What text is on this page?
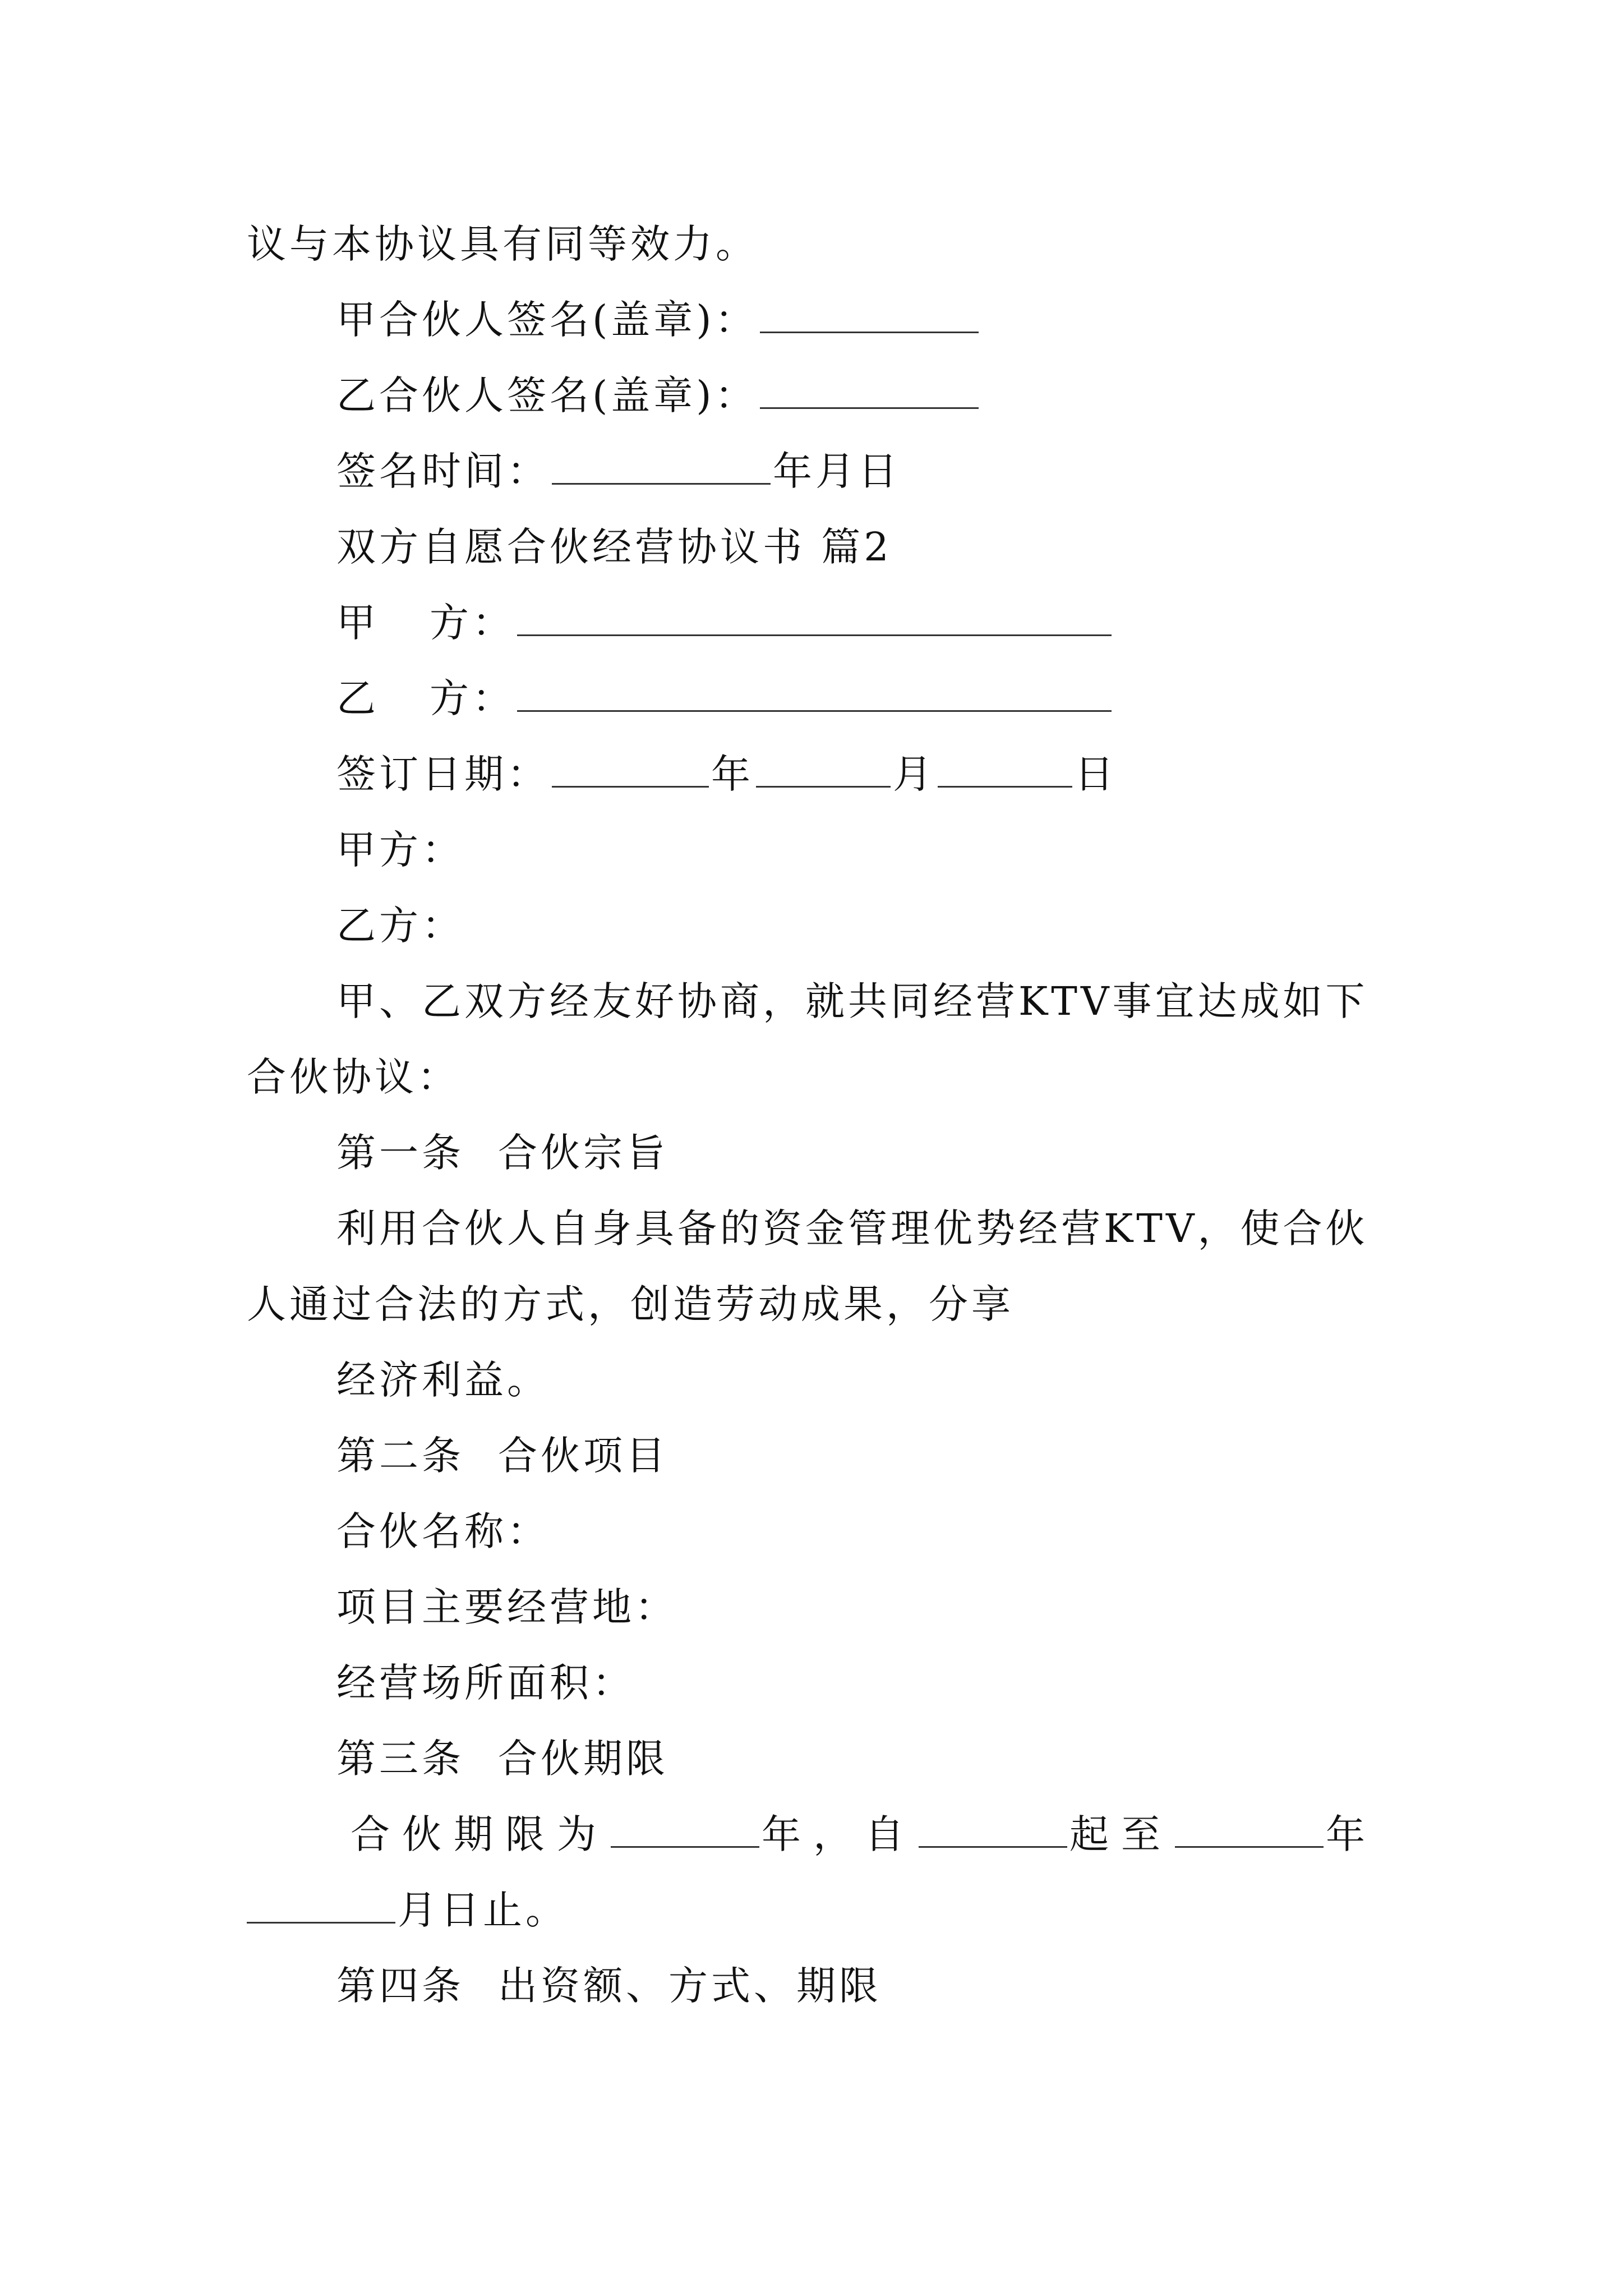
议与本协议具有同等效力。
甲合伙人签名(盖章)：
乙合伙人签名(盖章)：
签名时间：	年月日
双方自愿合伙经营协议书 篇2
甲 方：
乙 方：
签订日期：	年	月	日
甲方：
乙方：
甲、乙双方经友好协商，就共同经营KTV事宜达成如下
合伙协议：
第一条 合伙宗旨
利用合伙人自身具备的资金管理优势经营KTV，使合伙
人通过合法的方式，创造劳动成果，分享
经济利益。
第二条 合伙项目
合伙名称：
项目主要经营地：
经营场所面积：
第三条 合伙期限
合伙期限为	年，自	起至	年
月日止。
第四条 出资额、方式、期限
